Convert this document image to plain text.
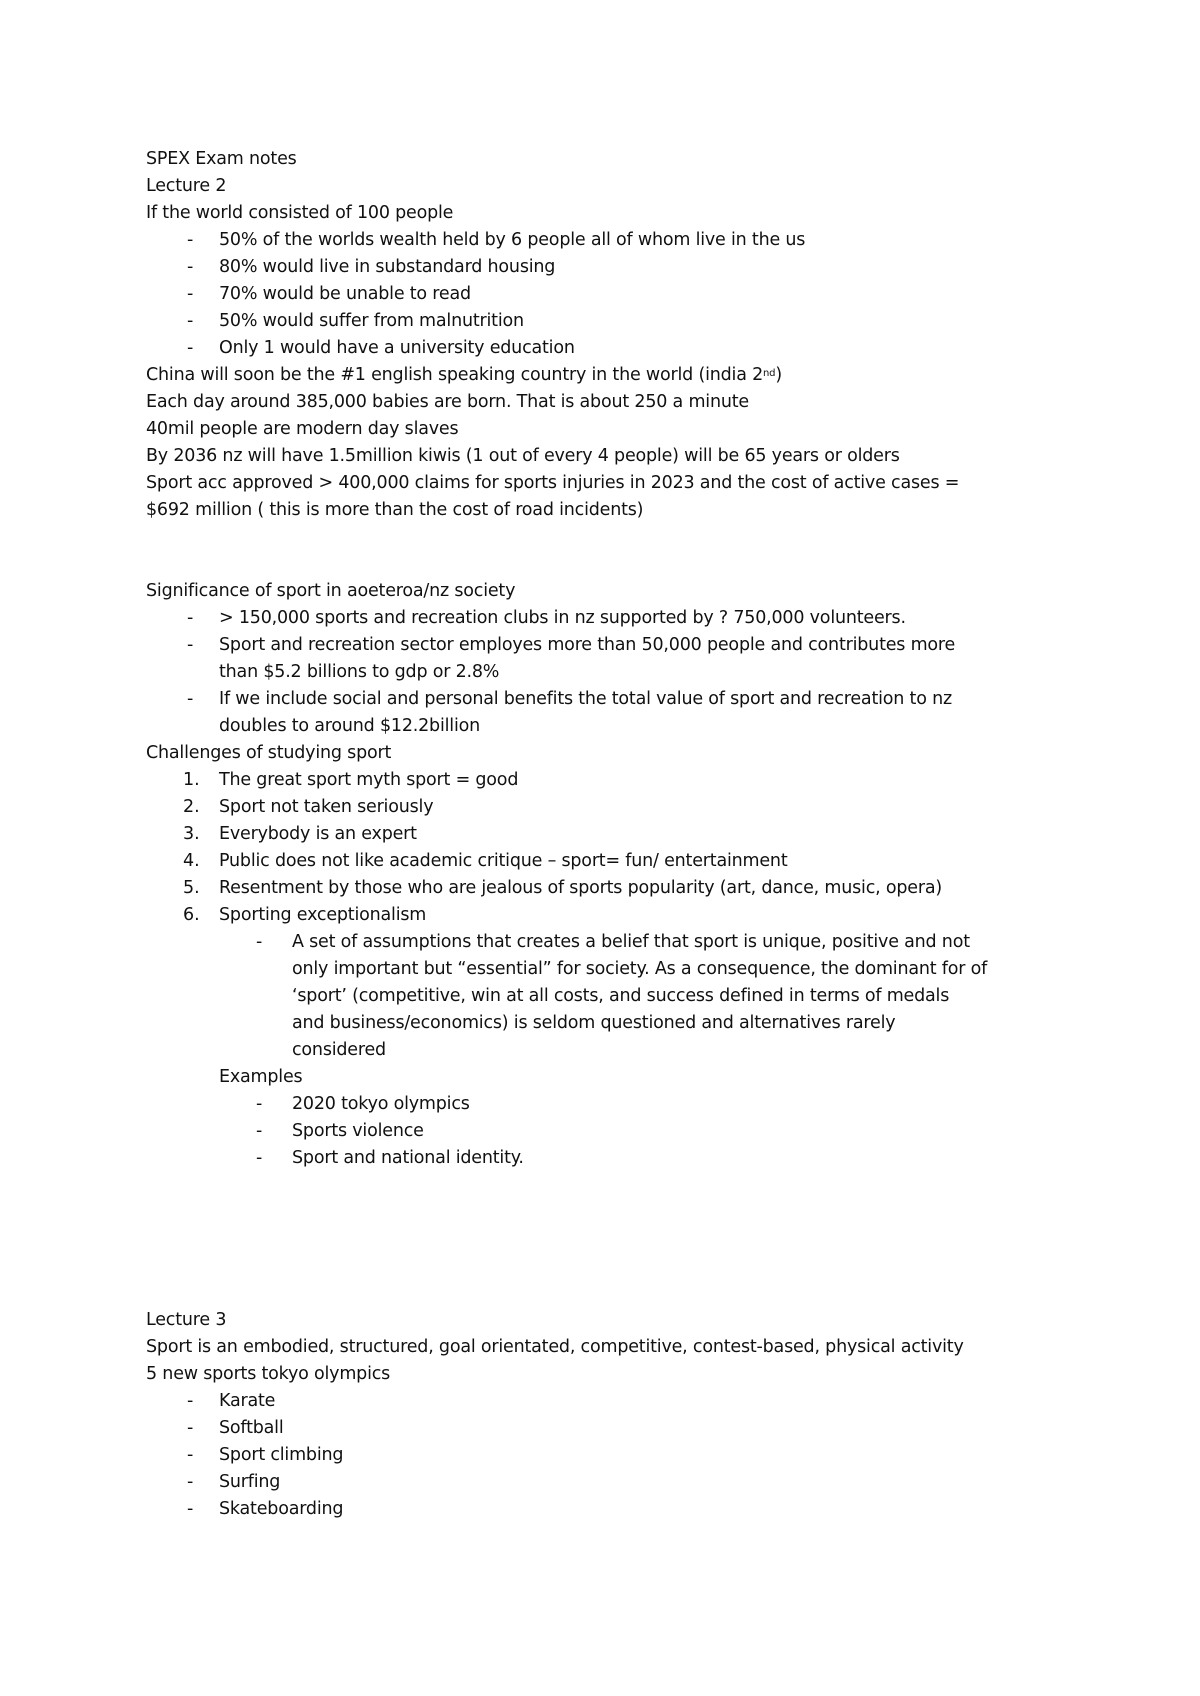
SPEX Exam notes
Lecture 2
If the world consisted of 100 people
- 50% of the worlds wealth held by 6 people all of whom live in the us
- 80% would live in substandard housing
- 70% would be unable to read
- 50% would suffer from malnutrition
- Only 1 would have a university education
China will soon be the #1 english speaking country in the world (india 2nd)
Each day around 385,000 babies are born. That is about 250 a minute
40mil people are modern day slaves
By 2036 nz will have 1.5million kiwis (1 out of every 4 people) will be 65 years or olders
Sport acc approved > 400,000 claims for sports injuries in 2023 and the cost of active cases =
$692 million ( this is more than the cost of road incidents)
Significance of sport in aoeteroa/nz society
- > 150,000 sports and recreation clubs in nz supported by ? 750,000 volunteers.
- Sport and recreation sector employes more than 50,000 people and contributes more
than $5.2 billions to gdp or 2.8%
- If we include social and personal benefits the total value of sport and recreation to nz
doubles to around $12.2billion
Challenges of studying sport
1. The great sport myth sport = good
2. Sport not taken seriously
3. Everybody is an expert
4. Public does not like academic critique – sport= fun/ entertainment
5. Resentment by those who are jealous of sports popularity (art, dance, music, opera)
6. Sporting exceptionalism
- A set of assumptions that creates a belief that sport is unique, positive and not
only important but “essential” for society. As a consequence, the dominant for of
‘sport’ (competitive, win at all costs, and success defined in terms of medals
and business/economics) is seldom questioned and alternatives rarely
considered
Examples
- 2020 tokyo olympics
- Sports violence
- Sport and national identity.
Lecture 3
Sport is an embodied, structured, goal orientated, competitive, contest-based, physical activity
5 new sports tokyo olympics
- Karate
- Softball
- Sport climbing
- Surfing
- Skateboarding
